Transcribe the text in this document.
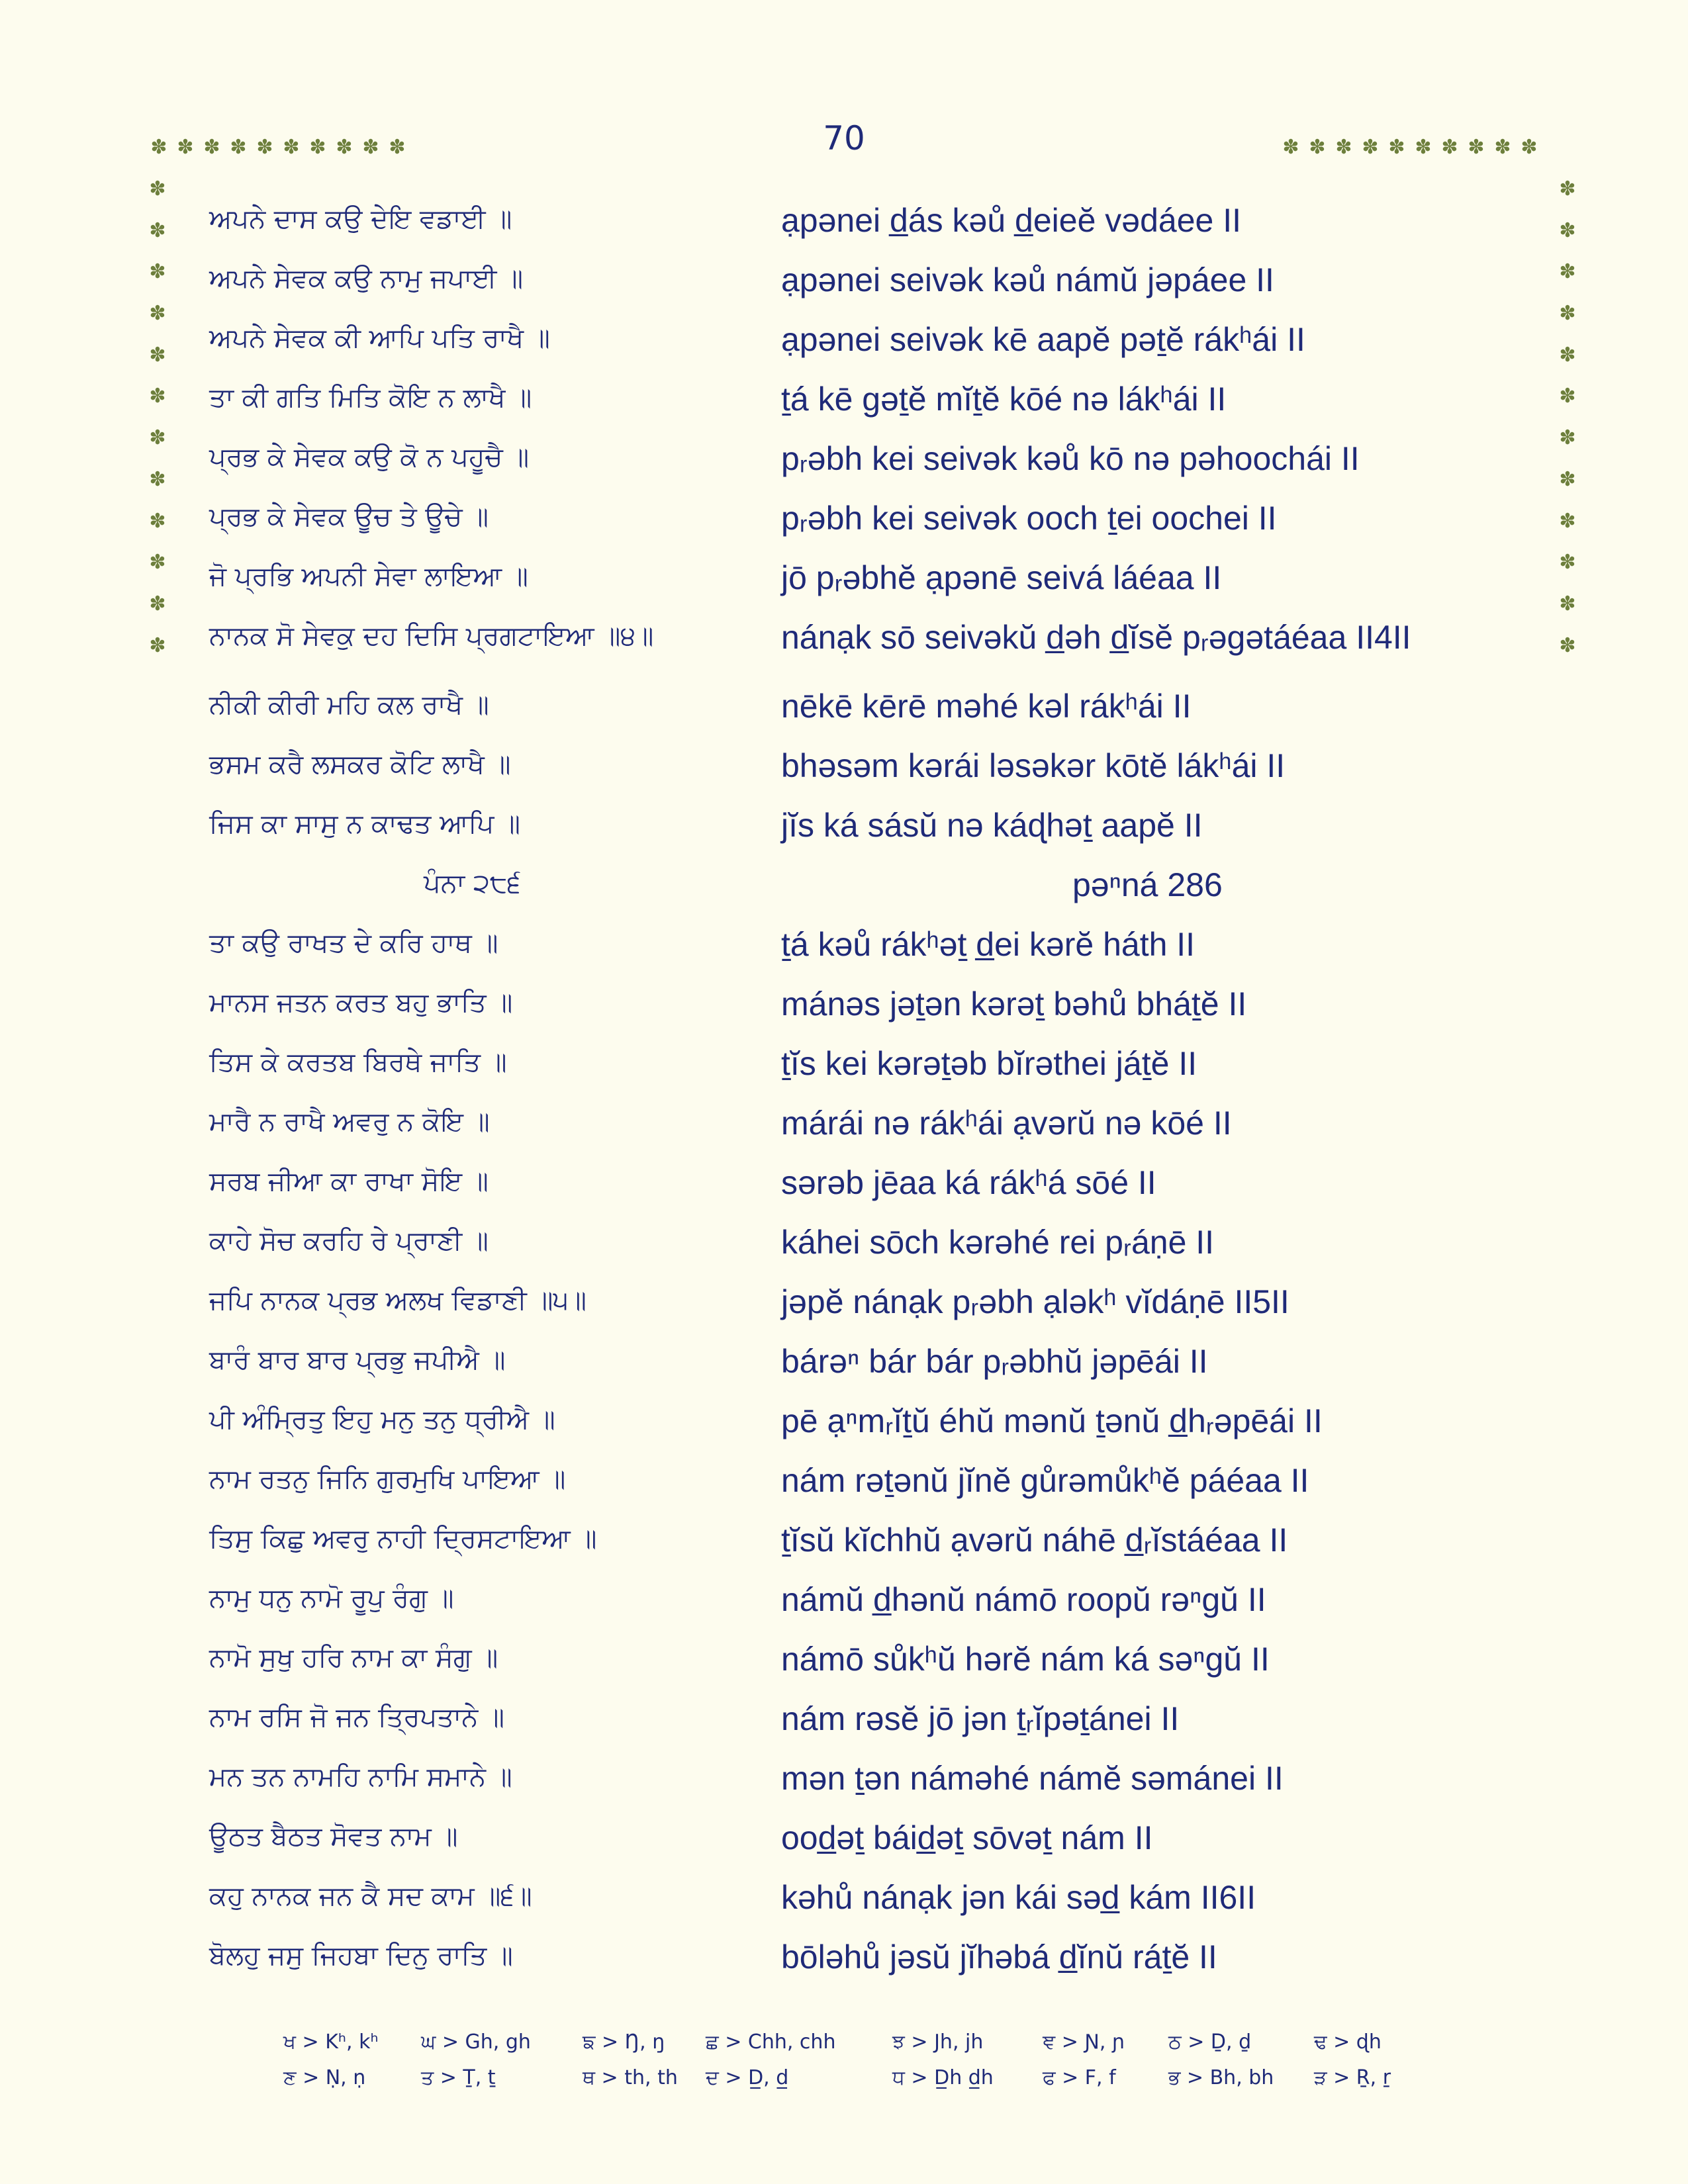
70
✽ ✽ ✽ ✽ ✽ ✽ ✽ ✽ ✽ ✽	✽ ✽ ✽ ✽ ✽ ✽ ✽ ✽ ✽ ✽
✽
✽
✽
✽
✽
✽
✽
✽
✽
✽
✽
✽
✽
✽
✽
✽
✽
✽
✽
✽
✽
✽
✽
✽
ਅਪਨੇ ਦਾਸ ਕਉ ਦੇਇ ਵਡਾਈ ॥	ạpənei d̲ás kəů d̲eieĕ vədáee II
ਅਪਨੇ ਸੇਵਕ ਕਉ ਨਾਮੁ ਜਪਾਈ ॥	ạpənei seivək kəů námŭ jəpáee II
ਅਪਨੇ ਸੇਵਕ ਕੀ ਆਪਿ ਪਤਿ ਰਾਖੈ ॥	ạpənei seivək kē aapĕ pəṯĕ rákʰái II
ਤਾ ਕੀ ਗਤਿ ਮਿਤਿ ਕੋਇ ਨ ਲਾਖੈ ॥	ṯá kē gəṯĕ mĭṯĕ kōé nə lákʰái II
ਪ੍ਰਭ ਕੇ ਸੇਵਕ ਕਉ ਕੋ ਨ ਪਹੂਚੈ ॥	pᵣəbh kei seivək kəů kō nə pəhoochái II
ਪ੍ਰਭ ਕੇ ਸੇਵਕ ਊਚ ਤੇ ਊਚੇ ॥	pᵣəbh kei seivək ooch ṯei oochei II
ਜੋ ਪ੍ਰਭਿ ਅਪਨੀ ਸੇਵਾ ਲਾਇਆ ॥	jō pᵣəbhĕ ạpənē seivá láéaa II
ਨਾਨਕ ਸੋ ਸੇਵਕੁ ਦਹ ਦਿਸਿ ਪ੍ਰਗਟਾਇਆ ॥੪॥	nánạk sō seivəkŭ d̲əh d̲ĭsĕ pᵣəgətáéaa II4II
ਨੀਕੀ ਕੀਰੀ ਮਹਿ ਕਲ ਰਾਖੈ ॥	nēkē kērē məhé kəl rákʰái II
ਭਸਮ ਕਰੈ ਲਸਕਰ ਕੋਟਿ ਲਾਖੈ ॥	bhəsəm kərái ləsəkər kōtĕ lákʰái II
ਜਿਸ ਕਾ ਸਾਸੁ ਨ ਕਾਢਤ ਆਪਿ ॥	jĭs ká sásŭ nə káɖhəṯ aapĕ II
ਪੰਨਾ ੨੮੬	pəⁿná 286
ਤਾ ਕਉ ਰਾਖਤ ਦੇ ਕਰਿ ਹਾਥ ॥	ṯá kəů rákʰəṯ d̲ei kərĕ háth II
ਮਾਨਸ ਜਤਨ ਕਰਤ ਬਹੁ ਭਾਤਿ ॥	mánəs jəṯən kərəṯ bəhů bháṯĕ II
ਤਿਸ ਕੇ ਕਰਤਬ ਬਿਰਥੇ ਜਾਤਿ ॥	ṯĭs kei kərəṯəb bĭrəthei jáṯĕ II
ਮਾਰੈ ਨ ਰਾਖੈ ਅਵਰੁ ਨ ਕੋਇ ॥	márái nə rákʰái ạvərŭ nə kōé II
ਸਰਬ ਜੀਆ ਕਾ ਰਾਖਾ ਸੋਇ ॥	sərəb jēaa ká rákʰá sōé II
ਕਾਹੇ ਸੋਚ ਕਰਹਿ ਰੇ ਪ੍ਰਾਣੀ ॥	káhei sōch kərəhé rei pᵣáṇē II
ਜਪਿ ਨਾਨਕ ਪ੍ਰਭ ਅਲਖ ਵਿਡਾਣੀ ॥੫॥	jəpĕ nánạk pᵣəbh ạləkʰ vĭdáṇē II5II
ਬਾਰੰ ਬਾਰ ਬਾਰ ਪ੍ਰਭੁ ਜਪੀਐ ॥	bárəⁿ bár bár pᵣəbhŭ jəpēái II
ਪੀ ਅੰਮ੍ਰਿਤੁ ਇਹੁ ਮਨੁ ਤਨੁ ਧ੍ਰੀਐ ॥	pē ạⁿmᵣĭṯŭ éhŭ mənŭ ṯənŭ d̲hᵣəpēái II
ਨਾਮ ਰਤਨੁ ਜਿਨਿ ਗੁਰਮੁਖਿ ਪਾਇਆ ॥	nám rəṯənŭ jĭnĕ gůrəmůkʰĕ páéaa II
ਤਿਸੁ ਕਿਛੁ ਅਵਰੁ ਨਾਹੀ ਦ੍ਰਿਸਟਾਇਆ ॥	ṯĭsŭ kĭchhŭ ạvərŭ náhē d̲ᵣĭstáéaa II
ਨਾਮੁ ਧਨੁ ਨਾਮੋ ਰੂਪੁ ਰੰਗੁ ॥	námŭ d̲hənŭ námō roopŭ rəⁿgŭ II
ਨਾਮੋ ਸੁਖੁ ਹਰਿ ਨਾਮ ਕਾ ਸੰਗੁ ॥	námō sůkʰŭ hərĕ nám ká səⁿgŭ II
ਨਾਮ ਰਸਿ ਜੋ ਜਨ ਤ੍ਰਿਪਤਾਨੇ ॥	nám rəsĕ jō jən ṯᵣĭpəṯánei II
ਮਨ ਤਨ ਨਾਮਹਿ ਨਾਮਿ ਸਮਾਨੇ ॥	mən ṯən námәhé námĕ səmánei II
ਊਠਤ ਬੈਠਤ ਸੋਵਤ ਨਾਮ ॥	ood̲əṯ báid̲əṯ sōvəṯ nám II
ਕਹੁ ਨਾਨਕ ਜਨ ਕੈ ਸਦ ਕਾਮ ॥੬॥	kəhů nánạk jən kái səd̲ kám II6II
ਬੋਲਹੁ ਜਸੁ ਜਿਹਬਾ ਦਿਨੁ ਰਾਤਿ ॥	bōləhů jəsŭ jĭhəbá d̲ĭnŭ ráṯĕ II
ਖ > Kʰ, kʰ ਘ > Gh, gh	ਙ > Ŋ, ŋ ਛ > Chh, chh	ਝ > Jh, jh	ਞ > Ɲ, ɲ ਠ > Ḏ, ḏ	ਢ > ɖh
ਣ > Ṇ, ṇ	ਤ > Ṯ, ṯ	ਥ > th, th ਦ > D̲, d̲	ਧ > D̲h d̲h ਫ > F, f	ਭ > Bh, bh ੜ > Ṟ, ṟ
